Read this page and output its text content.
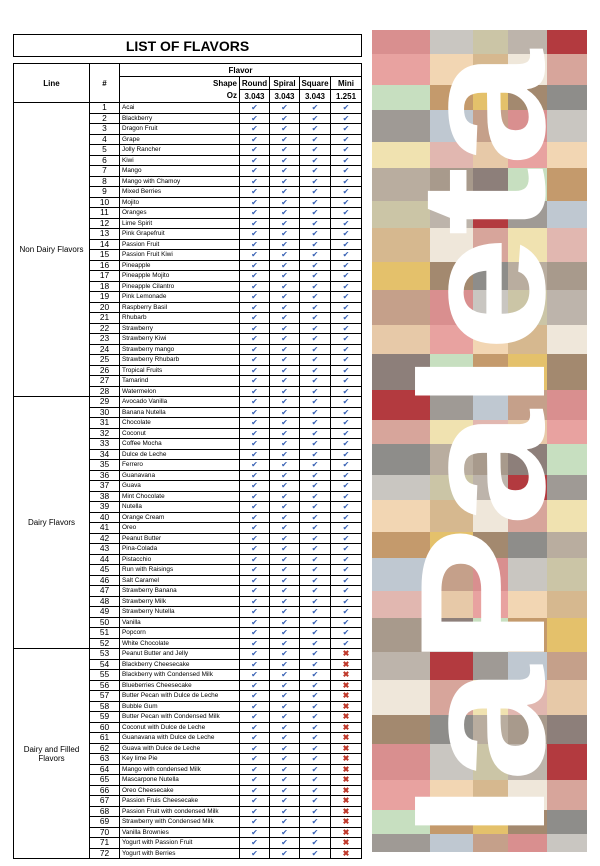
LIST OF FLAVORS						

Line	#	Flavor				
		Shape	Round	Spiral	Square	Mini
		Oz	3.043	3.043	3.043	1.251
Non Dairy Flavors	1	Acai	✔	✔	✔	✔
	2	Blackberry	✔	✔	✔	✔
	3	Dragon Fruit	✔	✔	✔	✔
	4	Grape	✔	✔	✔	✔
	5	Jolly Rancher	✔	✔	✔	✔
	6	Kiwi	✔	✔	✔	✔
	7	Mango	✔	✔	✔	✔
	8	Mango with Chamoy	✔	✔	✔	✔
	9	Mixed Berries	✔	✔	✔	✔
	10	Mojito	✔	✔	✔	✔
	11	Oranges	✔	✔	✔	✔
	12	Lime Spirit	✔	✔	✔	✔
	13	Pink Grapefruit	✔	✔	✔	✔
	14	Passion Fruit	✔	✔	✔	✔
	15	Passion Fruit Kiwi	✔	✔	✔	✔
	16	Pineapple	✔	✔	✔	✔
	17	Pineapple Mojito	✔	✔	✔	✔
	18	Pineapple Cilantro	✔	✔	✔	✔
	19	Pink Lemonade	✔	✔	✔	✔
	20	Raspberry Basil	✔	✔	✔	✔
	21	Rhubarb	✔	✔	✔	✔
	22	Strawberry	✔	✔	✔	✔
	23	Strawberry Kiwi	✔	✔	✔	✔
	24	Strawberry mango	✔	✔	✔	✔
	25	Strawberry Rhubarb	✔	✔	✔	✔
	26	Tropical Fruits	✔	✔	✔	✔
	27	Tamarind	✔	✔	✔	✔
	28	Watermelon	✔	✔	✔	✔
Dairy Flavors	29	Avocado Vanilla	✔	✔	✔	✔
	30	Banana Nutella	✔	✔	✔	✔
	31	Chocolate	✔	✔	✔	✔
	32	Coconut	✔	✔	✔	✔
	33	Coffee Mocha	✔	✔	✔	✔
	34	Dulce de Leche	✔	✔	✔	✔
	35	Ferrero	✔	✔	✔	✔
	36	Guanavana	✔	✔	✔	✔
	37	Guava	✔	✔	✔	✔
	38	Mint Chocolate	✔	✔	✔	✔
	39	Nutella	✔	✔	✔	✔
	40	Orange Cream	✔	✔	✔	✔
	41	Oreo	✔	✔	✔	✔
	42	Peanut Butter	✔	✔	✔	✔
	43	Pina-Colada	✔	✔	✔	✔
	44	Pistacchio	✔	✔	✔	✔
	45	Run with Raisings	✔	✔	✔	✔
	46	Salt Caramel	✔	✔	✔	✔
	47	Strawberry Banana	✔	✔	✔	✔
	48	Strawberry Milk	✔	✔	✔	✔
	49	Strawberry Nutella	✔	✔	✔	✔
	50	Vanilla	✔	✔	✔	✔
	51	Popcorn	✔	✔	✔	✔
	52	White Chocolate	✔	✔	✔	✔
Dairy and Filled Flavors	53	Peanut Butter and Jelly	✔	✔	✔	✖
	54	Blackberry Cheesecake	✔	✔	✔	✖
	55	Blackberry with Condensed Milk	✔	✔	✔	✖
	56	Blueberries Cheesecake	✔	✔	✔	✖
	57	Butter Pecan with Dulce de Leche	✔	✔	✔	✖
	58	Bubble Gum	✔	✔	✔	✖
	59	Butter Pecan with Condensed Milk	✔	✔	✔	✖
	60	Coconut with Dulce de Leche	✔	✔	✔	✖
	61	Guanavana with Dulce de Leche	✔	✔	✔	✖
	62	Guava with Dulce de Leche	✔	✔	✔	✖
	63	Key lime Pie	✔	✔	✔	✖
	64	Mango with condensed Milk	✔	✔	✔	✖
	65	Mascarpone Nutella	✔	✔	✔	✖
	66	Oreo Cheesecake	✔	✔	✔	✖
	67	Passion Fruis Cheesecake	✔	✔	✔	✖
	68	Passion Fruit with condensed Milk	✔	✔	✔	✖
	69	Strawberry with Condensed Milk	✔	✔	✔	✖
	70	Vanilla Brownies	✔	✔	✔	✖
	71	Yogurt with Passion Fruit	✔	✔	✔	✖
	72	Yogurt with Berries	✔	✔	✔	✖
laPaleta
